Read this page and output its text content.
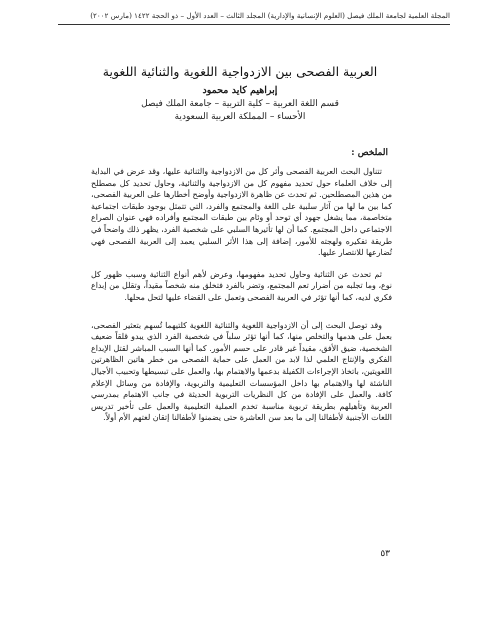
المجلة العلمية لجامعة الملك فيصل (العلوم الإنسانية والإدارية) المجلد الثالث – العدد الأول – ذو الحجة ١٤٢٢ (مارس ٢٠٠٢)
العربية الفصحى بين الازدواجية اللغوية والثنائية اللغوية
إبراهيم كايد محمود
قسم اللغة العربية – كلية التربية – جامعة الملك فيصل
الأحساء – المملكة العربية السعودية
الملخص :

تتناول البحث العربية الفصحى وأثر كل من الازدواجية والثنائية عليها، وقد عرض في البداية إلى خلاف العلماء حول تحديد مفهوم كل من الازدواجية والثنائية، وحاول تحديد كل مصطلح من هذين المصطلحين. ثم تحدث عن ظاهرة الازدواجية وأوضح أخطارها على العربية الفصحى، كما بين ما لها من آثار سلبية على اللغة والمجتمع والفرد، التي تتمثل بوجود طبقات اجتماعية متخاصمة، مما يشغل جهود أي توحد أو وئام بين طبقات المجتمع وأفراده فهي عنوان الصراع الاجتماعي داخل المجتمع. كما أن لها تأثيرها السلبي على شخصية الفرد، يظهر ذلك واضحاً في طريقة تفكيره ولهجته للأمور، إضافة إلى هذا الأثر السلبي يعمد إلى العربية الفصحى فهي تُضارعها للانتصار عليها.

ثم تحدث عن الثنائية وحاول تحديد مفهومها، وعرض لأهم أنواع الثنائية وسبب ظهور كل نوع، وما تجلبه من أضرار تعم المجتمع، وتضر بالفرد فتخلق منه شخصاً مقيداً، وتقلل من إبداع فكري لديه، كما أنها تؤثر في العربية الفصحى وتعمل على القضاء عليها لتحل محلها.

وقد توصل البحث إلى أن الازدواجية اللغوية والثنائية اللغوية كلتيهما تُسهم بتعثير الفصحى، بعمل على هدمها والتخلص منها، كما أنها تؤثر سلباً في شخصية الفرد الذي يبدو قلقاً ضعيف الشخصية، ضيق الأفق، مقيداً غير قادر على حسم الأمور. كما أنها السبب المباشر لقتل الإبداع الفكري والإنتاج العلمي لذا لابد من العمل على حماية الفصحى من خطر هاتين الظاهرتين اللغويتين، باتخاذ الإجراءات الكفيلة بدعمها والاهتمام بها، والعمل على تبسيطها وتحبيب الأجيال الناشئة لها والاهتمام بها داخل المؤسسات التعليمية والتربوية، والإفادة من وسائل الإعلام كافة. والعمل على الإفادة من كل النظريات التربوية الحديثة في جانب الاهتمام بمدرسي العربية وتأهيلهم بطريقة تربوية مناسبة تخدم العملية التعليمية والعمل على تأخير تدريس اللغات الأجنبية لأطفالنا إلى ما بعد سن العاشرة حتى يضمنوا لأطفالنا إتقان لغتهم الأم أولاً.

٥٣
